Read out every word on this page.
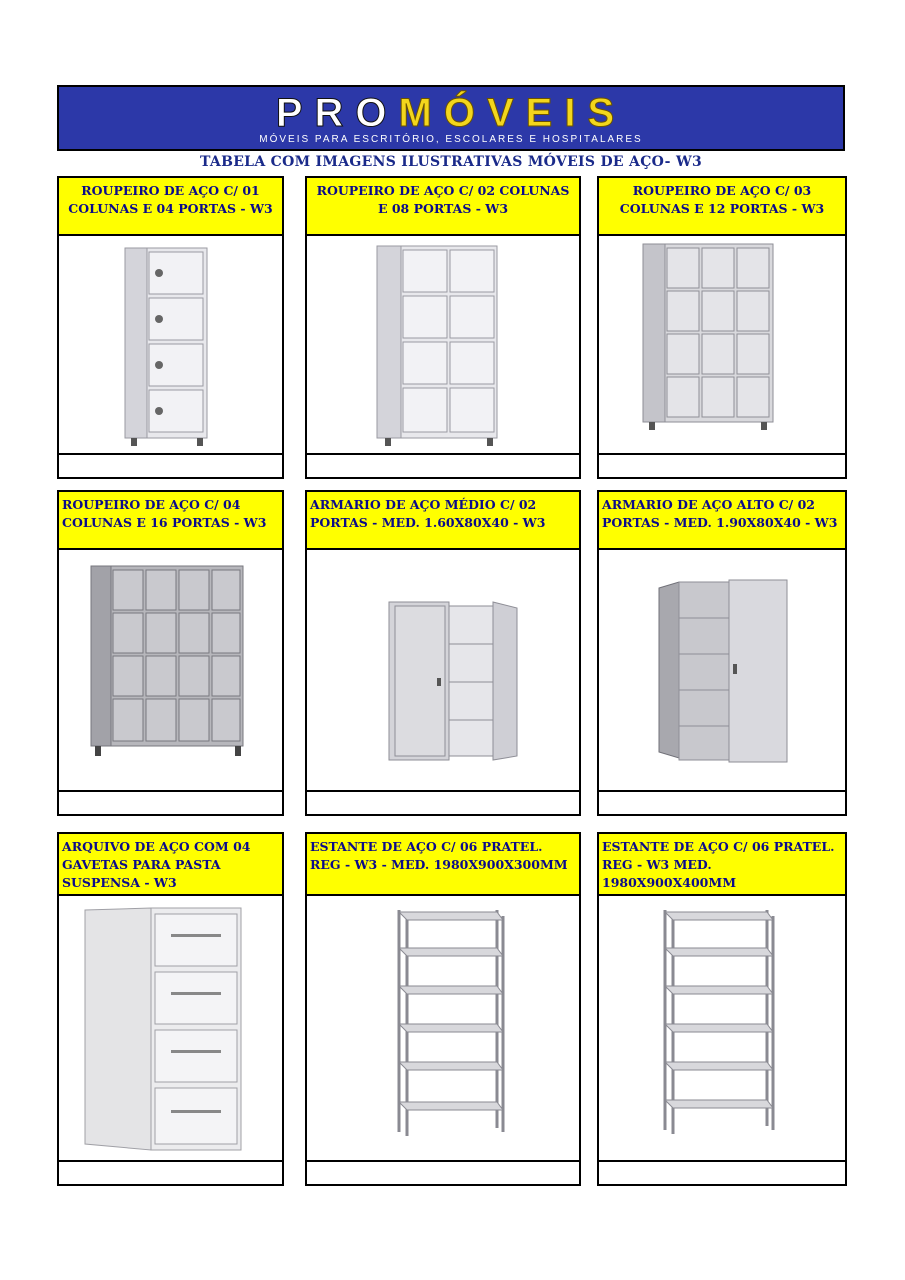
PROMÓVEIS
MÓVEIS PARA ESCRITÓRIO, ESCOLARES E HOSPITALARES
TABELA COM IMAGENS ILUSTRATIVAS MÓVEIS DE AÇO- W3
ROUPEIRO DE AÇO C/ 01 COLUNAS E 04 PORTAS - W3
ROUPEIRO DE AÇO C/ 02 COLUNAS E 08 PORTAS - W3
ROUPEIRO DE AÇO C/ 03 COLUNAS E 12 PORTAS - W3
ROUPEIRO DE AÇO C/ 04 COLUNAS E 16 PORTAS - W3
ARMARIO DE AÇO MÉDIO C/ 02 PORTAS - MED. 1.60X80X40 - W3
ARMARIO DE AÇO ALTO C/ 02 PORTAS - MED. 1.90X80X40 - W3
ARQUIVO DE AÇO COM 04 GAVETAS PARA PASTA SUSPENSA - W3
ESTANTE DE AÇO C/ 06 PRATEL. REG - W3 - MED. 1980X900X300MM
ESTANTE DE AÇO C/ 06 PRATEL. REG - W3 MED. 1980X900X400MM
